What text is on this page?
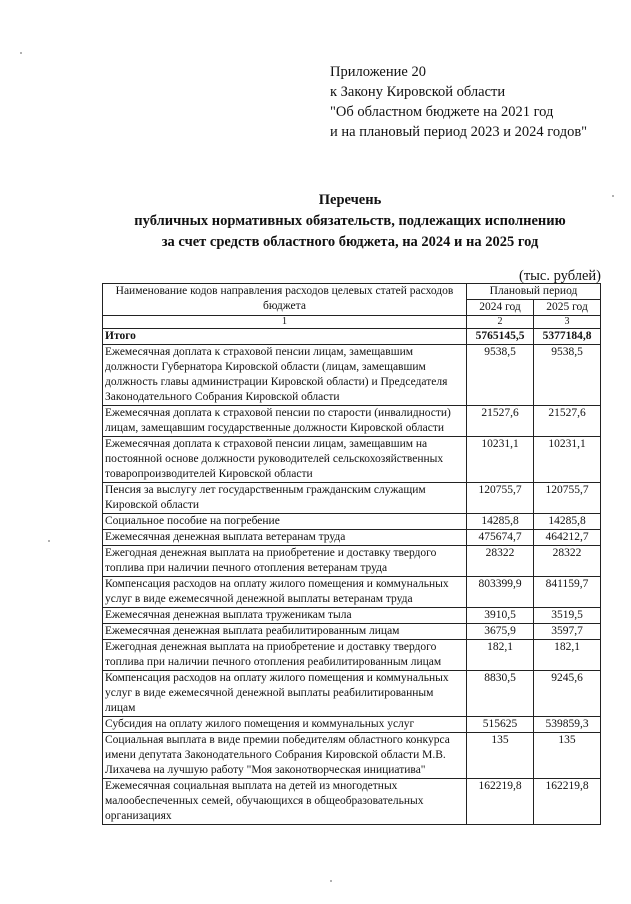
Приложение 20
к Закону Кировской области
"Об областном бюджете на 2021 год
и на плановый период 2023 и 2024 годов"
Перечень
публичных нормативных обязательств, подлежащих исполнению
за счет средств областного бюджета, на 2024 и на 2025 год
(тыс. рублей)
Наименование кодов направления расходов целевых статей расходов бюджета	Плановый период	
	2024 год	2025 год
1	2	3
Итого	5765145,5	5377184,8
Ежемесячная доплата к страховой пенсии лицам, замещавшим должности Губернатора Кировской области (лицам, замещавшим должность главы администрации Кировской области) и Председателя Законодательного Собрания Кировской области	9538,5	9538,5
Ежемесячная доплата к страховой пенсии по старости (инвалидности) лицам, замещавшим государственные должности Кировской области	21527,6	21527,6
Ежемесячная доплата к страховой пенсии лицам, замещавшим на постоянной основе должности руководителей сельскохозяйственных товаропроизводителей Кировской области	10231,1	10231,1
Пенсия за выслугу лет государственным гражданским служащим Кировской области	120755,7	120755,7
Социальное пособие на погребение	14285,8	14285,8
Ежемесячная денежная выплата ветеранам труда	475674,7	464212,7
Ежегодная денежная выплата на приобретение и доставку твердого топлива при наличии печного отопления ветеранам труда	28322	28322
Компенсация расходов на оплату жилого помещения и коммунальных услуг в виде ежемесячной денежной выплаты ветеранам труда	803399,9	841159,7
Ежемесячная денежная выплата труженикам тыла	3910,5	3519,5
Ежемесячная денежная выплата реабилитированным лицам	3675,9	3597,7
Ежегодная денежная выплата на приобретение и доставку твердого топлива при наличии печного отопления реабилитированным лицам	182,1	182,1
Компенсация расходов на оплату жилого помещения и коммунальных услуг в виде ежемесячной денежной выплаты реабилитированным лицам	8830,5	9245,6
Субсидия на оплату жилого помещения и коммунальных услуг	515625	539859,3
Социальная выплата в виде премии победителям областного конкурса имени депутата Законодательного Собрания Кировской области М.В. Лихачева на лучшую работу "Моя законотворческая инициатива"	135	135
Ежемесячная социальная выплата на детей из многодетных малообеспеченных семей, обучающихся в общеобразовательных организациях	162219,8	162219,8
